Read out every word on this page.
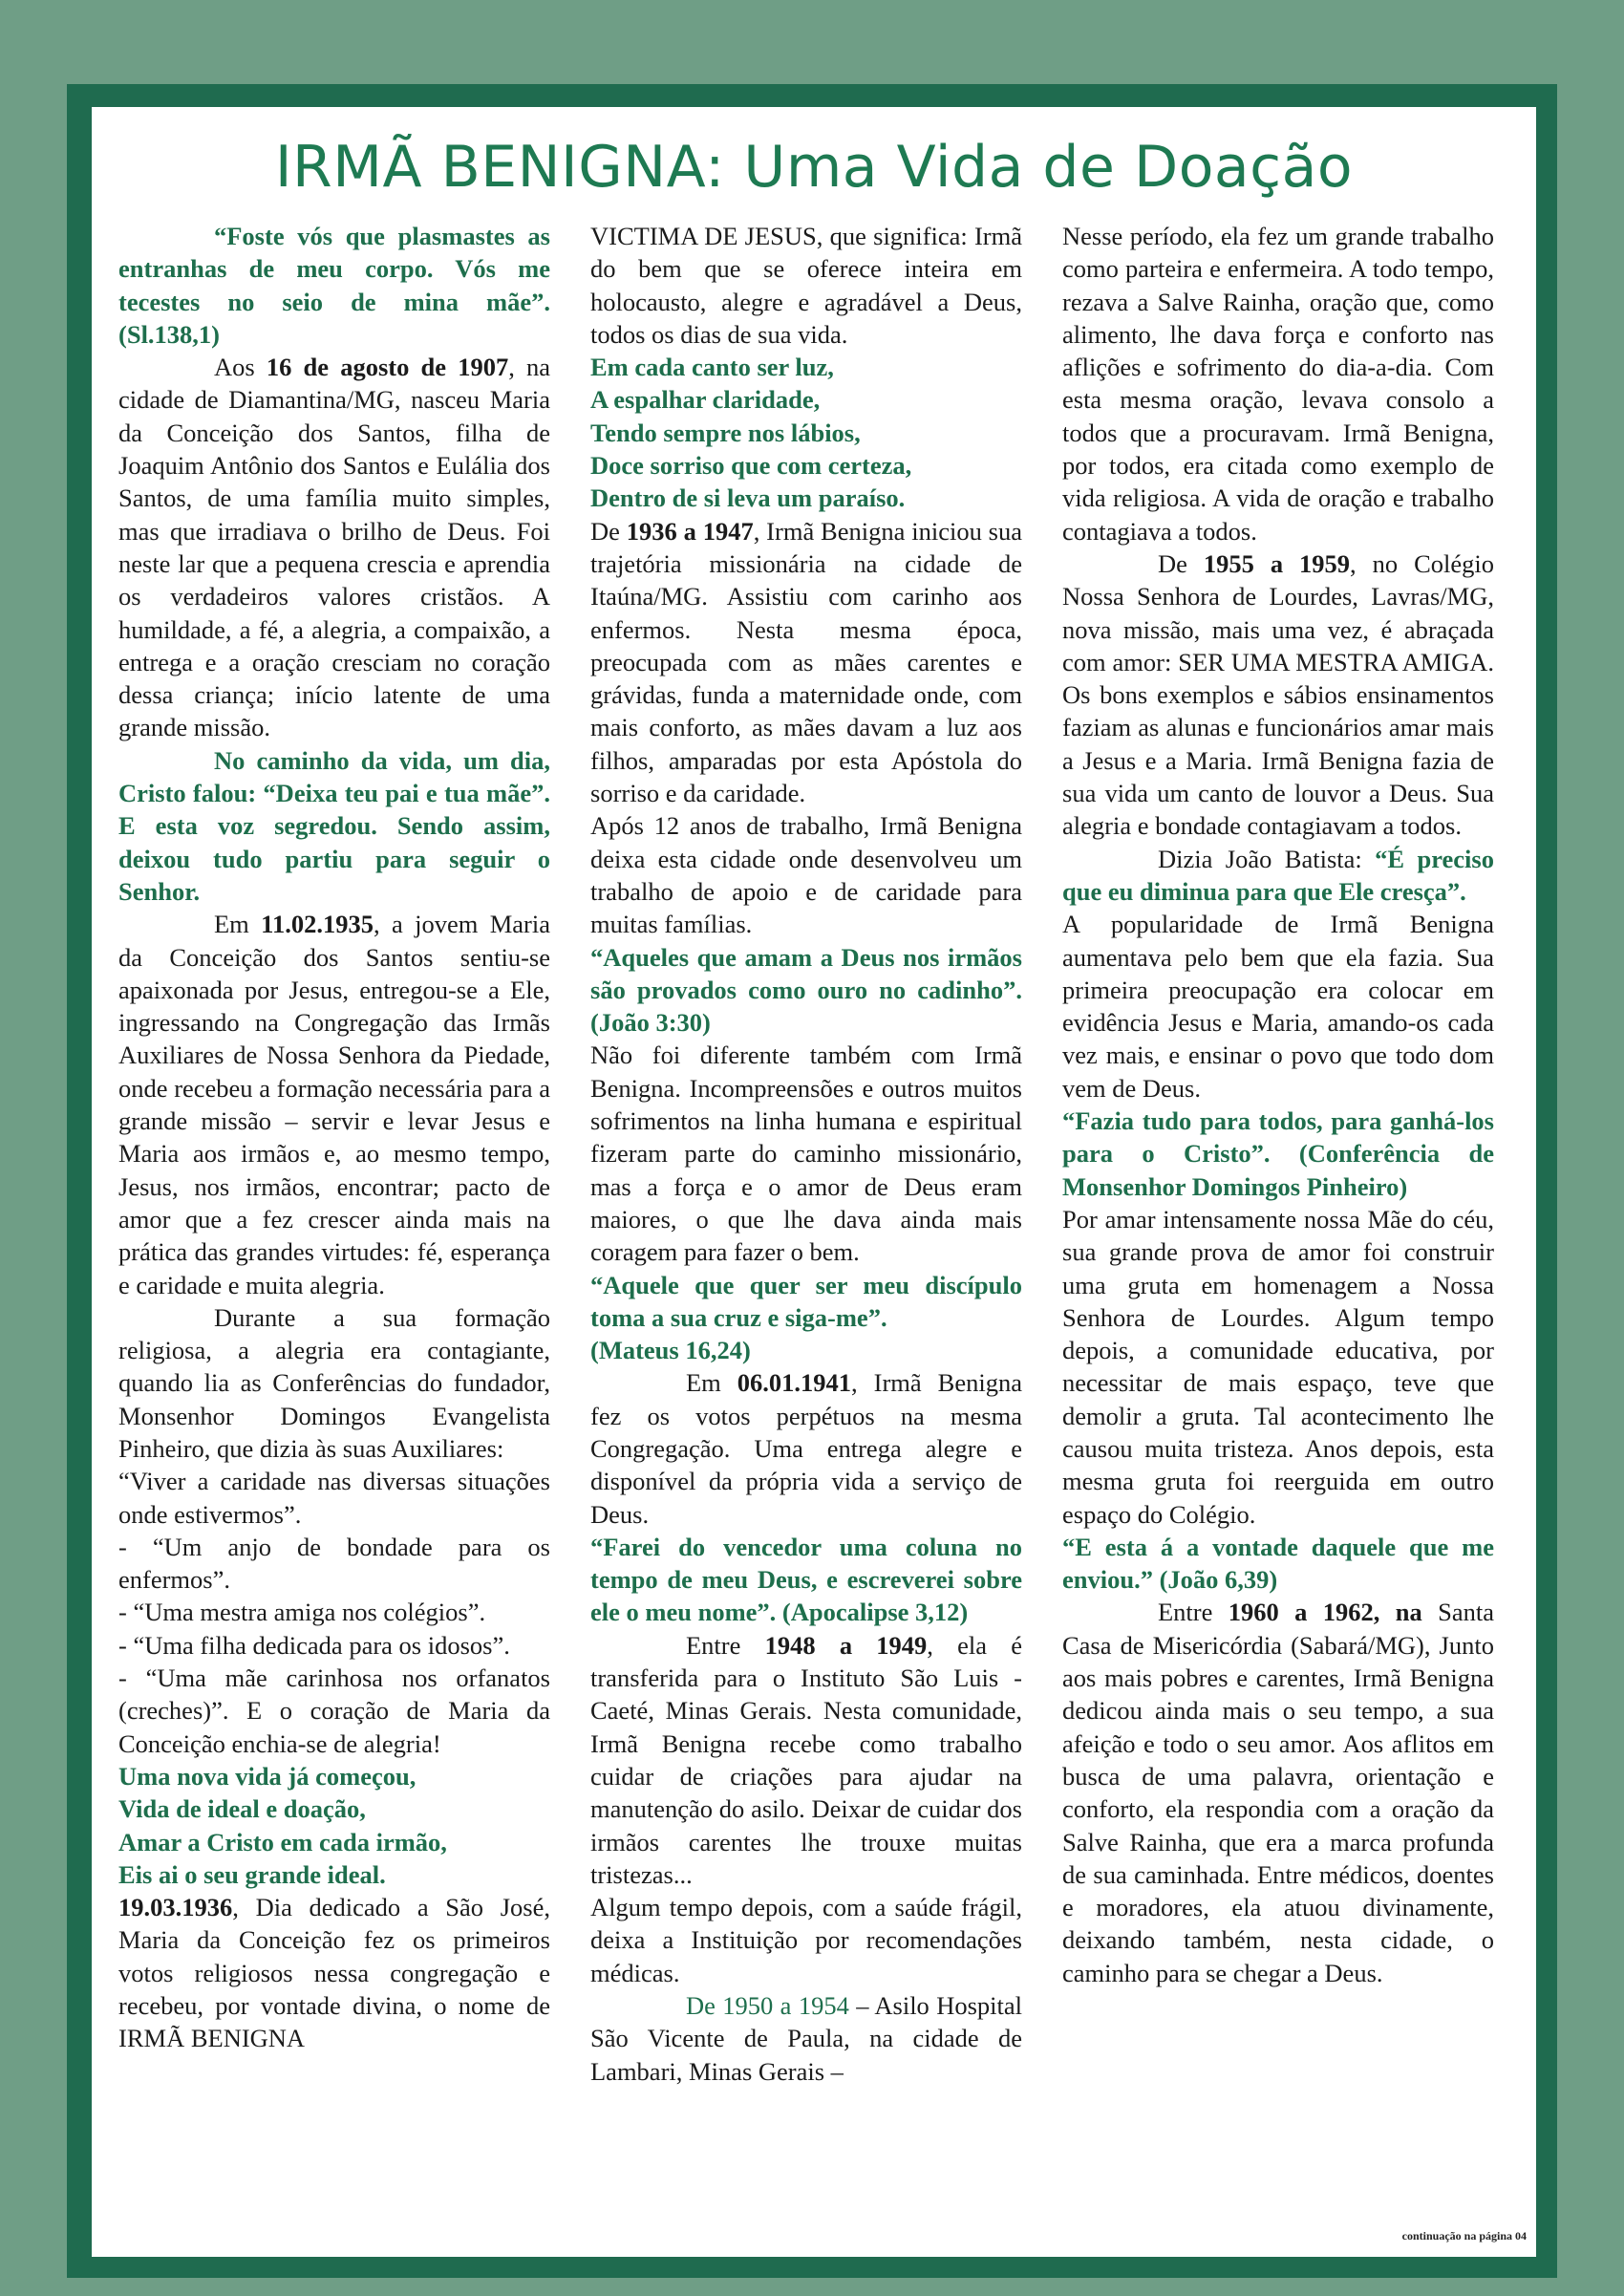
IRMÃ BENIGNA: Uma Vida de Doação

“Foste vós que plasmastes as entranhas de meu corpo. Vós me tecestes no seio de mina mãe”. (Sl.138,1)

Aos 16 de agosto de 1907, na cidade de Diamantina/MG, nasceu Maria da Conceição dos Santos, filha de Joaquim Antônio dos Santos e Eulália dos Santos, de uma família muito simples, mas que irradiava o brilho de Deus. Foi neste lar que a pequena crescia e aprendia os verdadeiros valores cristãos. A humildade, a fé, a alegria, a compaixão, a entrega e a oração cresciam no coração dessa criança; início latente de uma grande missão.

No caminho da vida, um dia, Cristo falou: “Deixa teu pai e tua mãe”. E esta voz segredou. Sendo assim, deixou tudo partiu para seguir o Senhor.

Em 11.02.1935, a jovem Maria da Conceição dos Santos sentiu-se apaixonada por Jesus, entregou-se a Ele, ingressando na Congregação das Irmãs Auxiliares de Nossa Senhora da Piedade, onde recebeu a formação necessária para a grande missão – servir e levar Jesus e Maria aos irmãos e, ao mesmo tempo, Jesus, nos irmãos, encontrar; pacto de amor que a fez crescer ainda mais na prática das grandes virtudes: fé, esperança e caridade e muita alegria.

Durante a sua formação religiosa, a alegria era contagiante, quando lia as Conferências do fundador, Monsenhor Domingos Evangelista Pinheiro, que dizia às suas Auxiliares:

“Viver a caridade nas diversas situações onde estivermos”.

- “Um anjo de bondade para os enfermos”.

- “Uma mestra amiga nos colégios”.

- “Uma filha dedicada para os idosos”.

- “Uma mãe carinhosa nos orfanatos (creches)”. E o coração de Maria da Conceição enchia-se de alegria!

Uma nova vida já começou,

Vida de ideal e doação,

Amar a Cristo em cada irmão,

Eis ai o seu grande ideal.

19.03.1936, Dia dedicado a São José, Maria da Conceição fez os primeiros votos religiosos nessa congregação e recebeu, por vontade divina, o nome de IRMÃ BENIGNA

VICTIMA DE JESUS, que significa: Irmã do bem que se oferece inteira em holocausto, alegre e agradável a Deus, todos os dias de sua vida.

Em cada canto ser luz,

A espalhar claridade,

Tendo sempre nos lábios,

Doce sorriso que com certeza,

Dentro de si leva um paraíso.

De 1936 a 1947, Irmã Benigna iniciou sua trajetória missionária na cidade de Itaúna/MG. Assistiu com carinho aos enfermos. Nesta mesma época, preocupada com as mães carentes e grávidas, funda a maternidade onde, com mais conforto, as mães davam a luz aos filhos, amparadas por esta Apóstola do sorriso e da caridade.

Após 12 anos de trabalho, Irmã Benigna deixa esta cidade onde desenvolveu um trabalho de apoio e de caridade para muitas famílias.

“Aqueles que amam a Deus nos irmãos são provados como ouro no cadinho”. (João 3:30)

Não foi diferente também com Irmã Benigna. Incompreensões e outros muitos sofrimentos na linha humana e espiritual fizeram parte do caminho missionário, mas a força e o amor de Deus eram maiores, o que lhe dava ainda mais coragem para fazer o bem.

“Aquele que quer ser meu discípulo toma a sua cruz e siga-me”.

(Mateus 16,24)

Em 06.01.1941, Irmã Benigna fez os votos perpétuos na mesma Congregação. Uma entrega alegre e disponível da própria vida a serviço de Deus.

“Farei do vencedor uma coluna no tempo de meu Deus, e escreverei sobre ele o meu nome”. (Apocalipse 3,12)

Entre 1948 a 1949, ela é transferida para o Instituto São Luis - Caeté, Minas Gerais. Nesta comunidade, Irmã Benigna recebe como trabalho cuidar de criações para ajudar na manutenção do asilo. Deixar de cuidar dos irmãos carentes lhe trouxe muitas tristezas...

Algum tempo depois, com a saúde frágil, deixa a Instituição por recomendações médicas.

De 1950 a 1954 – Asilo Hospital São Vicente de Paula, na cidade de Lambari, Minas Gerais –

Nesse período, ela fez um grande trabalho como parteira e enfermeira. A todo tempo, rezava a Salve Rainha, oração que, como alimento, lhe dava força e conforto nas aflições e sofrimento do dia-a-dia. Com esta mesma oração, levava consolo a todos que a procuravam. Irmã Benigna, por todos, era citada como exemplo de vida religiosa. A vida de oração e trabalho contagiava a todos.

De 1955 a 1959, no Colégio Nossa Senhora de Lourdes, Lavras/MG, nova missão, mais uma vez, é abraçada com amor: SER UMA MESTRA AMIGA. Os bons exemplos e sábios ensinamentos faziam as alunas e funcionários amar mais a Jesus e a Maria. Irmã Benigna fazia de sua vida um canto de louvor a Deus. Sua alegria e bondade contagiavam a todos.

Dizia João Batista: “É preciso que eu diminua para que Ele cresça”.

A popularidade de Irmã Benigna aumentava pelo bem que ela fazia. Sua primeira preocupação era colocar em evidência Jesus e Maria, amando-os cada vez mais, e ensinar o povo que todo dom vem de Deus.

“Fazia tudo para todos, para ganhá-los para o Cristo”. (Conferência de Monsenhor Domingos Pinheiro)

Por amar intensamente nossa Mãe do céu, sua grande prova de amor foi construir uma gruta em homenagem a Nossa Senhora de Lourdes. Algum tempo depois, a comunidade educativa, por necessitar de mais espaço, teve que demolir a gruta. Tal acontecimento lhe causou muita tristeza. Anos depois, esta mesma gruta foi reerguida em outro espaço do Colégio.

“E esta á a vontade daquele que me enviou.” (João 6,39)

Entre 1960 a 1962, na Santa Casa de Misericórdia (Sabará/MG), Junto aos mais pobres e carentes, Irmã Benigna dedicou ainda mais o seu tempo, a sua afeição e todo o seu amor. Aos aflitos em busca de uma palavra, orientação e conforto, ela respondia com a oração da Salve Rainha, que era a marca profunda de sua caminhada. Entre médicos, doentes e moradores, ela atuou divinamente, deixando também, nesta cidade, o caminho para se chegar a Deus.

continuação na página 04
